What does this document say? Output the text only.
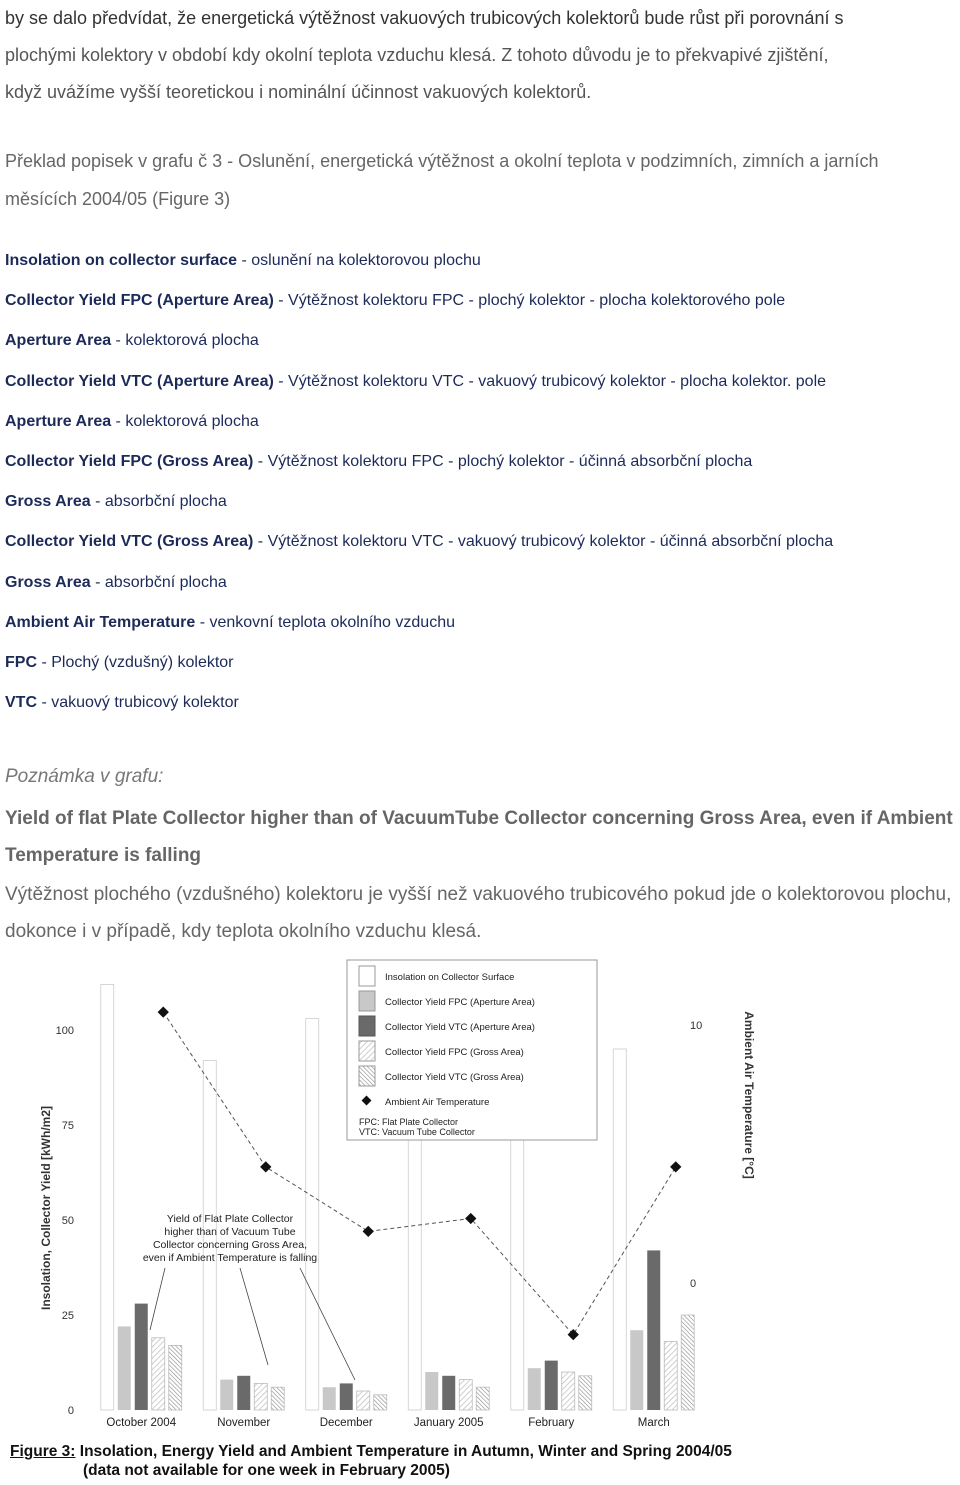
by se dalo předvídat, že energetická výtěžnost vakuových trubicových kolektorů bude růst při porovnání s
plochými kolektory v období kdy okolní teplota vzduchu klesá. Z tohoto důvodu je to překvapivé zjištění,
když uvážíme vyšší teoretickou i nominální účinnost vakuových kolektorů.
Překlad popisek v grafu č 3 - Oslunění, energetická výtěžnost a okolní teplota v podzimních, zimních a jarních měsících 2004/05 (Figure 3)
Insolation on collector surface - oslunění na kolektorovou plochu
Collector Yield FPC (Aperture Area) - Výtěžnost kolektoru FPC - plochý kolektor - plocha kolektorového pole
Aperture Area - kolektorová plocha
Collector Yield VTC (Aperture Area) - Výtěžnost kolektoru VTC - vakuový trubicový kolektor - plocha kolektor. pole
Aperture Area - kolektorová plocha
Collector Yield FPC (Gross Area) - Výtěžnost kolektoru FPC - plochý kolektor - účinná absorbční plocha
Gross Area - absorbční plocha
Collector Yield VTC (Gross Area) - Výtěžnost kolektoru VTC - vakuový trubicový kolektor - účinná absorbční plocha
Gross Area - absorbční plocha
Ambient Air Temperature - venkovní teplota okolního vzduchu
FPC - Plochý (vzdušný) kolektor
VTC - vakuový trubicový kolektor
Poznámka v grafu:
Yield of flat Plate Collector higher than of VacuumTube Collector concerning Gross Area, even if Ambient Temperature is falling
Výtěžnost plochého (vzdušného) kolektoru je vyšší než vakuového trubicového pokud jde o kolektorovou plochu, dokonce i v případě, kdy teplota okolního vzduchu klesá.
Insolation, Collector Yield [kWh/m2]
0
25
50
75
100	Ambient Air Temperature [°C]
0
10
October 2004	November	December	January 2005	February	March
Insolation on Collector Surface
Collector Yield FPC (Aperture Area)
Collector Yield VTC (Aperture Area)
Collector Yield FPC (Gross Area)
Collector Yield VTC (Gross Area)
Ambient Air Temperature
FPC: Flat Plate Collector
VTC: Vacuum Tube Collector
Yield of Flat Plate Collector
higher than of Vacuum Tube
Collector concerning Gross Area,
even if Ambient Temperature is falling
Figure 3: Insolation, Energy Yield and Ambient Temperature in Autumn, Winter and Spring 2004/05
(data not available for one week in February 2005)
